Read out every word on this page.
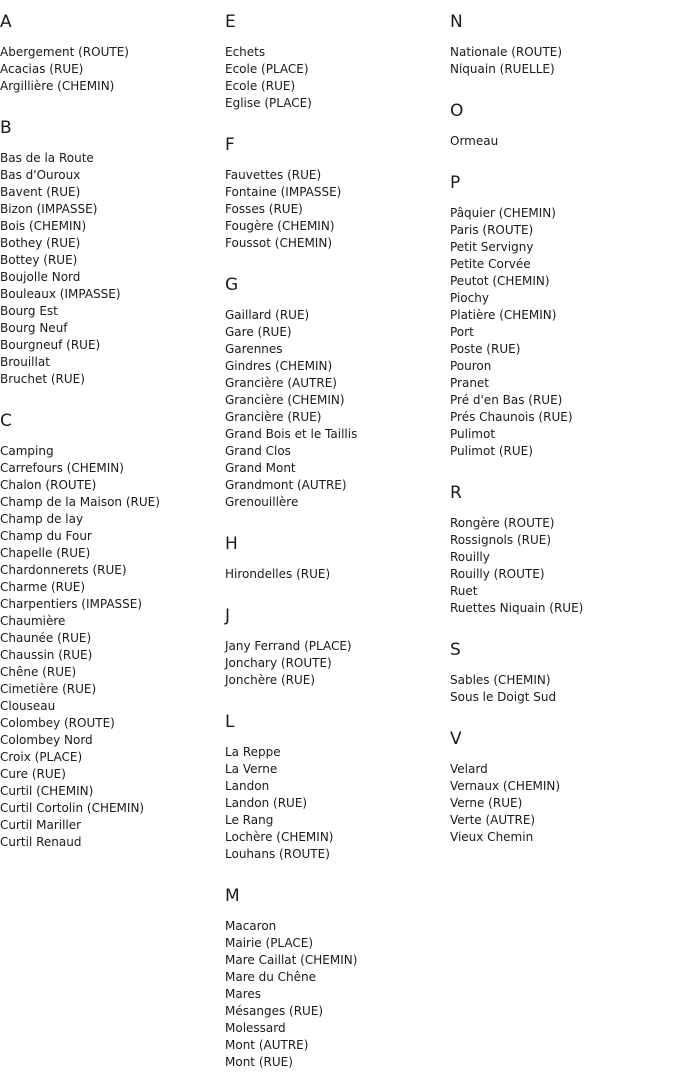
A
Abergement (ROUTE)
Acacias (RUE)
Argillière (CHEMIN)
B
Bas de la Route
Bas d'Ouroux
Bavent (RUE)
Bizon (IMPASSE)
Bois (CHEMIN)
Bothey (RUE)
Bottey (RUE)
Boujolle Nord
Bouleaux (IMPASSE)
Bourg Est
Bourg Neuf
Bourgneuf (RUE)
Brouillat
Bruchet (RUE)
C
Camping
Carrefours (CHEMIN)
Chalon (ROUTE)
Champ de la Maison (RUE)
Champ de lay
Champ du Four
Chapelle (RUE)
Chardonnerets (RUE)
Charme (RUE)
Charpentiers (IMPASSE)
Chaumière
Chaunée (RUE)
Chaussin (RUE)
Chêne (RUE)
Cimetière (RUE)
Clouseau
Colombey (ROUTE)
Colombey Nord
Croix (PLACE)
Cure (RUE)
Curtil (CHEMIN)
Curtil Cortolin (CHEMIN)
Curtil Mariller
Curtil Renaud
E
Echets
Ecole (PLACE)
Ecole (RUE)
Eglise (PLACE)
F
Fauvettes (RUE)
Fontaine (IMPASSE)
Fosses (RUE)
Fougère (CHEMIN)
Foussot (CHEMIN)
G
Gaillard (RUE)
Gare (RUE)
Garennes
Gindres (CHEMIN)
Grancière (AUTRE)
Grancière (CHEMIN)
Grancière (RUE)
Grand Bois et le Taillis
Grand Clos
Grand Mont
Grandmont (AUTRE)
Grenouillère
H
Hirondelles (RUE)
J
Jany Ferrand (PLACE)
Jonchary (ROUTE)
Jonchère (RUE)
L
La Reppe
La Verne
Landon
Landon (RUE)
Le Rang
Lochère (CHEMIN)
Louhans (ROUTE)
M
Macaron
Mairie (PLACE)
Mare Caillat (CHEMIN)
Mare du Chêne
Mares
Mésanges (RUE)
Molessard
Mont (AUTRE)
Mont (RUE)
N
Nationale (ROUTE)
Niquain (RUELLE)
O
Ormeau
P
Pâquier (CHEMIN)
Paris (ROUTE)
Petit Servigny
Petite Corvée
Peutot (CHEMIN)
Piochy
Platière (CHEMIN)
Port
Poste (RUE)
Pouron
Pranet
Pré d'en Bas (RUE)
Prés Chaunois (RUE)
Pulimot
Pulimot (RUE)
R
Rongère (ROUTE)
Rossignols (RUE)
Rouilly
Rouilly (ROUTE)
Ruet
Ruettes Niquain (RUE)
S
Sables (CHEMIN)
Sous le Doigt Sud
V
Velard
Vernaux (CHEMIN)
Verne (RUE)
Verte (AUTRE)
Vieux Chemin
